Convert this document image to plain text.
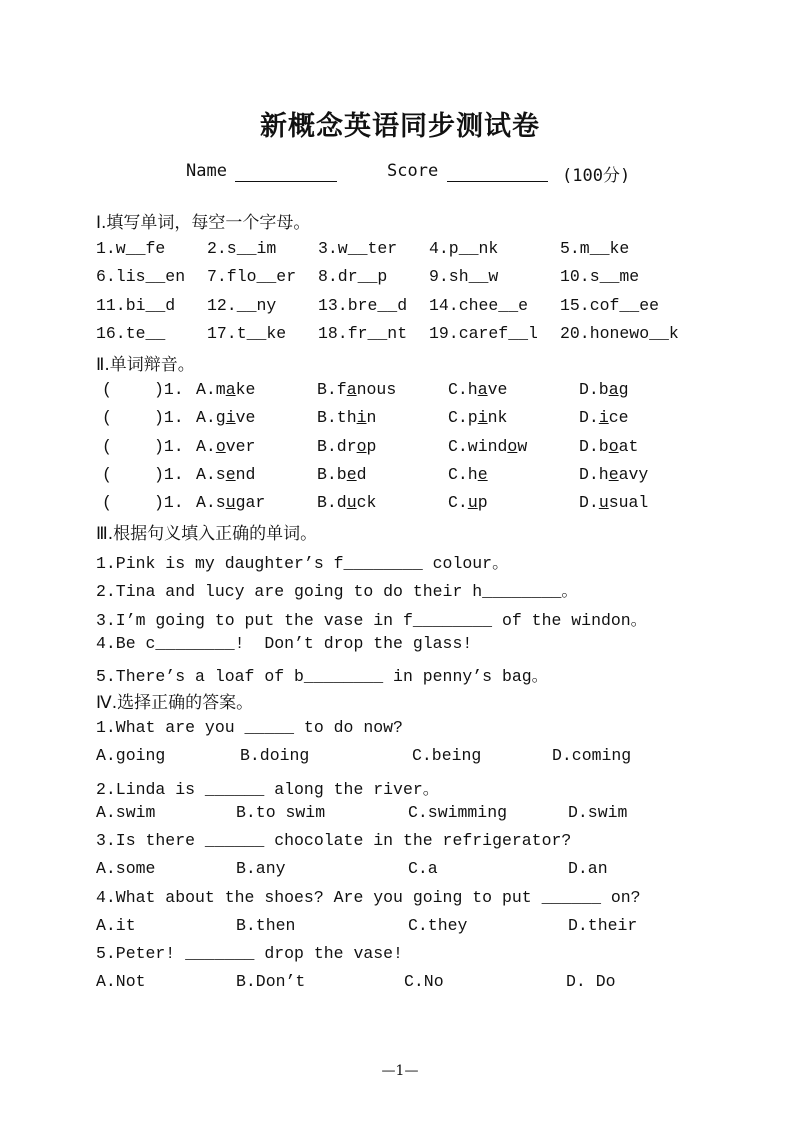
新概念英语同步测试卷
Name	Score	(100分)
Ⅰ.填写单词，每空一个字母。
1.w__fe	2.s__im	3.w__ter 4.p__nk	5.m__ke
6.lis__en 7.flo__er 8.dr__p	9.sh__w	10.s__me
11.bi__d 12.__ny	13.bre__d 14.chee__e 15.cof__ee
16.te__	17.t__ke 18.fr__nt 19.caref__l 20.honewo__k
Ⅱ.单词辩音。
(	)1. A.make	B.fanous	C.have	D.bag
(	)1. A.give	B.thin	C.pink	D.ice
(	)1. A.over	B.drop	C.window	D.boat
(	)1. A.send	B.bed	C.he	D.heavy
(	)1. A.sugar	B.duck	C.up	D.usual
Ⅲ.根据句义填入正确的单词。
1.Pink is my daughter’s f________ colour。
2.Tina and lucy are going to do their h________。
3.I’m going to put the vase in f________ of the windon。
4.Be c________!  Don’t drop the glass!
5.There’s a loaf of b________ in penny’s bag。
Ⅳ.选择正确的答案。
1.What are you _____ to do now?
A.going	B.doing	C.being	D.coming
2.Linda is ______ along the river。
A.swim	B.to swim	C.swimming	D.swim
3.Is there ______ chocolate in the refrigerator?
A.some	B.any	C.a	D.an
4.What about the shoes? Are you going to put ______ on?
A.it	B.then	C.they	D.their
5.Peter! _______ drop the vase!
A.Not	B.Don’t	C.No	D. Do
—1—
